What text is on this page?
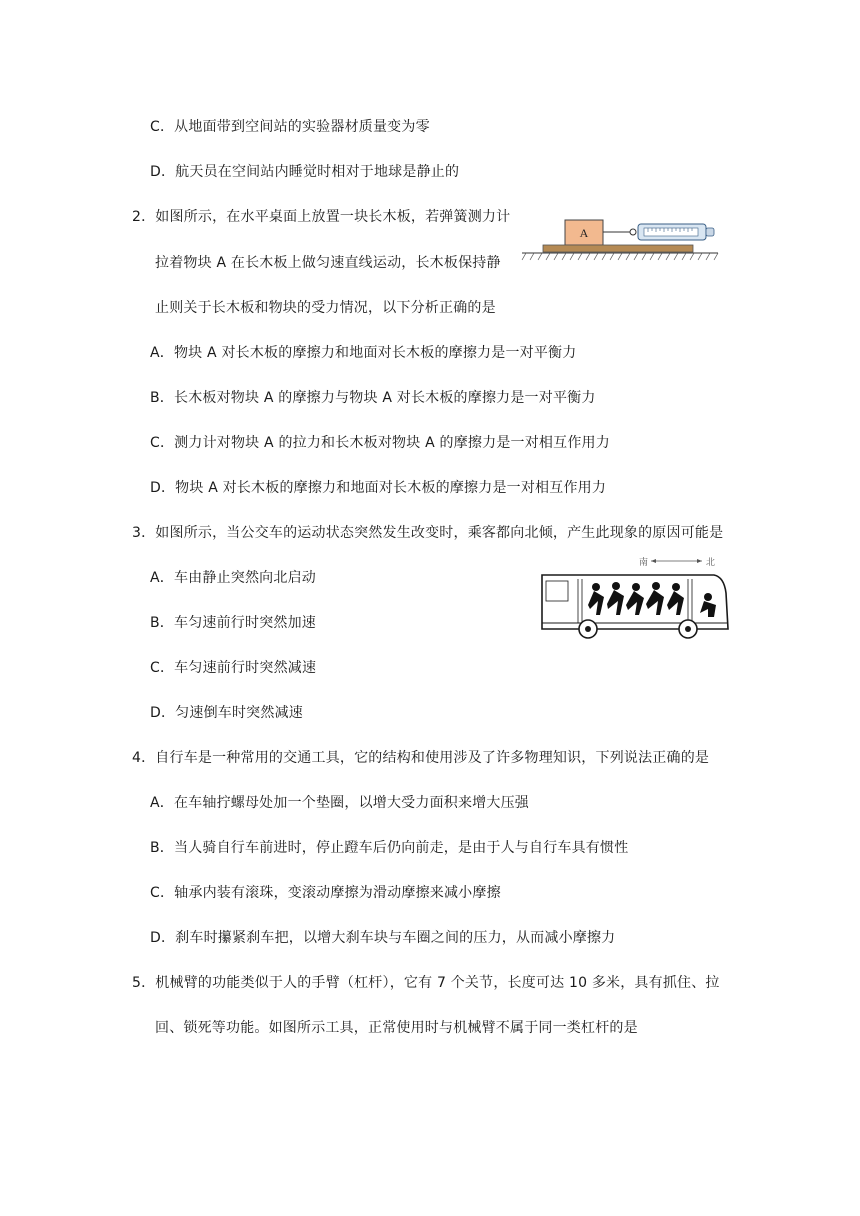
C．从地面带到空间站的实验器材质量变为零
D．航天员在空间站内睡觉时相对于地球是静止的
2．如图所示，在水平桌面上放置一块长木板，若弹簧测力计
拉着物块 A 在长木板上做匀速直线运动，长木板保持静
止则关于长木板和物块的受力情况，以下分析正确的是
A．物块 A 对长木板的摩擦力和地面对长木板的摩擦力是一对平衡力
B．长木板对物块 A 的摩擦力与物块 A 对长木板的摩擦力是一对平衡力
C．测力计对物块 A 的拉力和长木板对物块 A 的摩擦力是一对相互作用力
D．物块 A 对长木板的摩擦力和地面对长木板的摩擦力是一对相互作用力
3．如图所示，当公交车的运动状态突然发生改变时，乘客都向北倾，产生此现象的原因可能是
A．车由静止突然向北启动
B．车匀速前行时突然加速
C．车匀速前行时突然减速
D．匀速倒车时突然减速
4．自行车是一种常用的交通工具，它的结构和使用涉及了许多物理知识，下列说法正确的是
A．在车轴拧螺母处加一个垫圈，以增大受力面积来增大压强
B．当人骑自行车前进时，停止蹬车后仍向前走，是由于人与自行车具有惯性
C．轴承内装有滚珠，变滚动摩擦为滑动摩擦来减小摩擦
D．刹车时攥紧刹车把，以增大刹车块与车圈之间的压力，从而减小摩擦力
5．机械臂的功能类似于人的手臂（杠杆），它有 7 个关节，长度可达 10 多米，具有抓住、拉
回、锁死等功能。如图所示工具，正常使用时与机械臂不属于同一类杠杆的是
A
南	北
